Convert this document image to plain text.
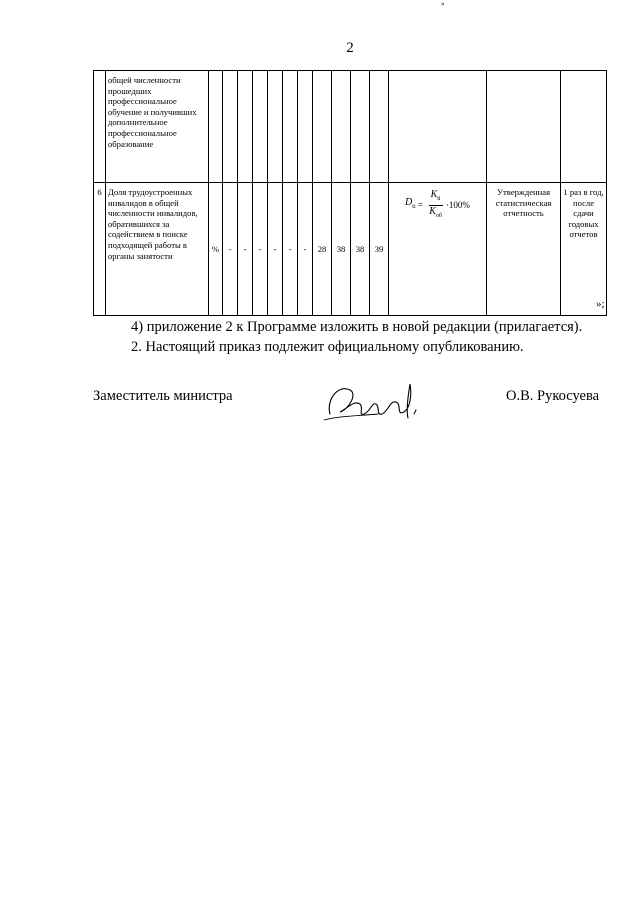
«
2
	общей численности прошедших профессиональное обучение и получивших дополнительное профессиональное образование														
6	Доля трудоустроенных инвалидов в общей численности инвалидов, обратившихся за содействием в поиске подходящей работы в органы занятости	%	-	-	-	-	-	-	28	38	38	39	$D_{ti} = \frac{K_{ti}}{K_{об}} \cdot 100\%$	Утвержденная статистическая отчетность	1 раз в год, после сдачи годовых отчетов
»;
4) приложение 2 к Программе изложить в новой редакции (прилагается).
2. Настоящий приказ подлежит официальному опубликованию.
Заместитель министра	О.В. Рукосуева
